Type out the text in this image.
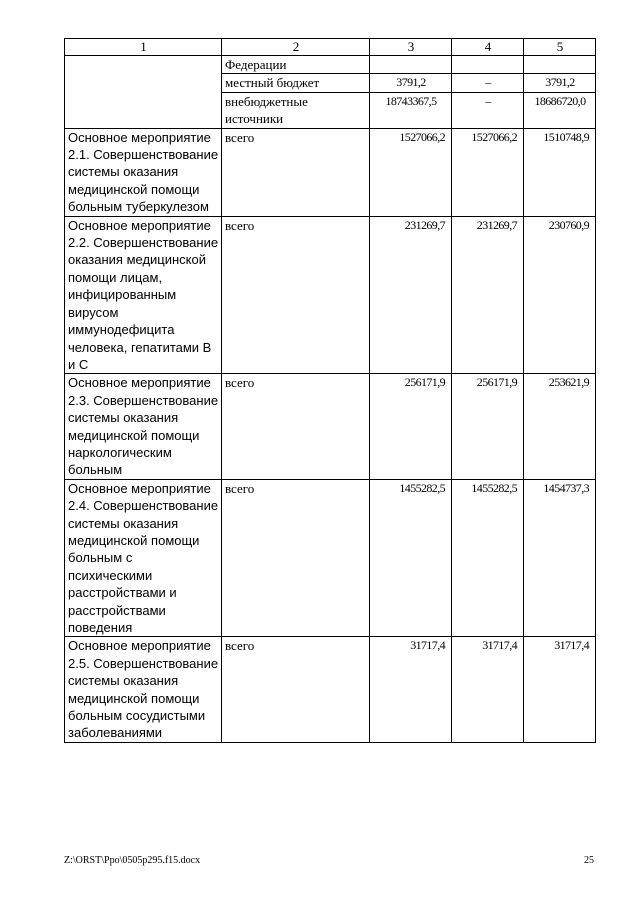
1	2	3	4	5
	Федерации			
	местный бюджет	3791,2	–	3791,2
	внебюджетные источники	18743367,5	–	18686720,0
Основное мероприятие 2.1. Совершенствование системы оказания медицинской помощи больным туберкулезом	всего	1527066,2	1527066,2	1510748,9
Основное мероприятие 2.2. Совершенствование оказания медицинской помощи лицам, инфицированным вирусом иммунодефицита человека, гепатитами В и С	всего	231269,7	231269,7	230760,9
Основное мероприятие 2.3. Совершенствование системы оказания медицинской помощи наркологическим больным	всего	256171,9	256171,9	253621,9
Основное мероприятие 2.4. Совершенствование системы оказания медицинской помощи больным с психическими расстройствами и расстройствами поведения	всего	1455282,5	1455282,5	1454737,3
Основное мероприятие 2.5. Совершенствование системы оказания медицинской помощи больным сосудистыми заболеваниями	всего	31717,4	31717,4	31717,4
Z:\ORST\Ppo\0505p295.f15.docx	25
